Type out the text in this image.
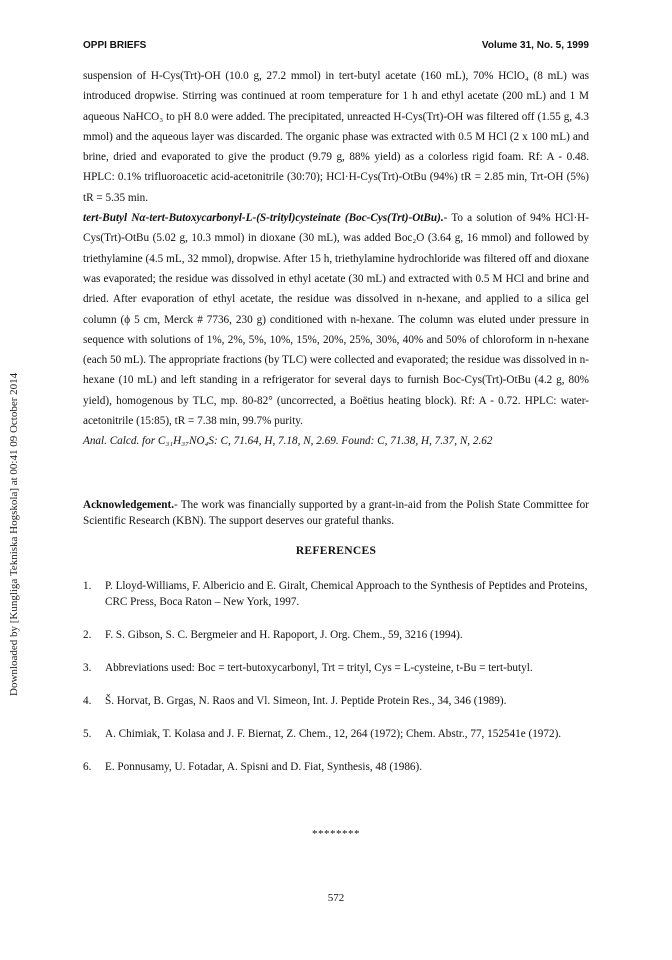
Downloaded by [Kungliga Tekniska Hogskola] at 00:41 09 October 2014
OPPI BRIEFS	Volume 31, No. 5, 1999

suspension of H-Cys(Trt)-OH (10.0 g, 27.2 mmol) in tert-butyl acetate (160 mL), 70% HClO₄ (8 mL) was introduced dropwise. Stirring was continued at room temperature for 1 h and ethyl acetate (200 mL) and 1 M aqueous NaHCO₃ to pH 8.0 were added. The precipitated, unreacted H-Cys(Trt)-OH was filtered off (1.55 g, 4.3 mmol) and the aqueous layer was discarded. The organic phase was extracted with 0.5 M HCl (2 x 100 mL) and brine, dried and evaporated to give the product (9.79 g, 88% yield) as a colorless rigid foam. Rf: A - 0.48. HPLC: 0.1% trifluoroacetic acid-acetonitrile (30:70); HCl·H-Cys(Trt)-OtBu (94%) tR = 2.85 min, Trt-OH (5%) tR = 5.35 min.

tert-Butyl Nα-tert-Butoxycarbonyl-L-(S-trityl)cysteinate (Boc-Cys(Trt)-OtBu).- To a solution of 94% HCl·H-Cys(Trt)-OtBu (5.02 g, 10.3 mmol) in dioxane (30 mL), was added Boc₂O (3.64 g, 16 mmol) and followed by triethylamine (4.5 mL, 32 mmol), dropwise. After 15 h, triethylamine hydrochloride was filtered off and dioxane was evaporated; the residue was dissolved in ethyl acetate (30 mL) and extracted with 0.5 M HCl and brine and dried. After evaporation of ethyl acetate, the residue was dissolved in n-hexane, and applied to a silica gel column (ϕ 5 cm, Merck # 7736, 230 g) conditioned with n-hexane. The column was eluted under pressure in sequence with solutions of 1%, 2%, 5%, 10%, 15%, 20%, 25%, 30%, 40% and 50% of chloroform in n-hexane (each 50 mL). The appropriate fractions (by TLC) were collected and evaporated; the residue was dissolved in n-hexane (10 mL) and left standing in a refrigerator for several days to furnish Boc-Cys(Trt)-OtBu (4.2 g, 80% yield), homogenous by TLC, mp. 80-82° (uncorrected, a Boëtius heating block). Rf: A - 0.72. HPLC: water-acetonitrile (15:85), tR = 7.38 min, 99.7% purity.

Anal. Calcd. for C₃₁H₃₇NO₄S: C, 71.64, H, 7.18, N, 2.69. Found: C, 71.38, H, 7.37, N, 2.62

Acknowledgement.- The work was financially supported by a grant-in-aid from the Polish State Committee for Scientific Research (KBN). The support deserves our grateful thanks.
REFERENCES
1.	P. Lloyd-Williams, F. Albericio and E. Giralt, Chemical Approach to the Synthesis of Peptides and Proteins, CRC Press, Boca Raton – New York, 1997.
2.	F. S. Gibson, S. C. Bergmeier and H. Rapoport, J. Org. Chem., 59, 3216 (1994).
3.	Abbreviations used: Boc = tert-butoxycarbonyl, Trt = trityl, Cys = L-cysteine, t-Bu = tert-butyl.
4.	Š. Horvat, B. Grgas, N. Raos and Vl. Simeon, Int. J. Peptide Protein Res., 34, 346 (1989).
5.	A. Chimiak, T. Kolasa and J. F. Biernat, Z. Chem., 12, 264 (1972); Chem. Abstr., 77, 152541e (1972).
6.	E. Ponnusamy, U. Fotadar, A. Spisni and D. Fiat, Synthesis, 48 (1986).
********
572
